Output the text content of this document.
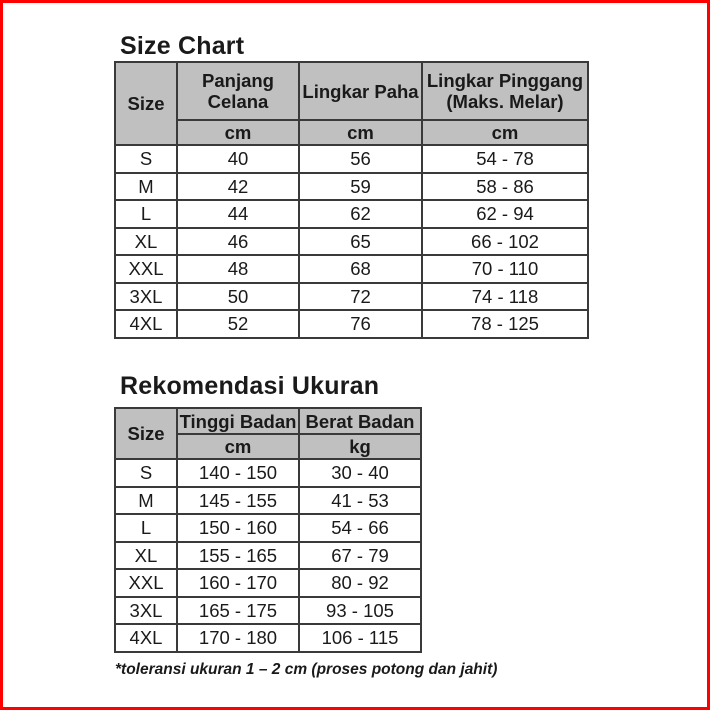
Size Chart
Size	Panjang Celana	Lingkar Paha	Lingkar Pinggang (Maks. Melar)
	cm	cm	cm
S	40	56	54 - 78
M	42	59	58 - 86
L	44	62	62 - 94
XL	46	65	66 - 102
XXL	48	68	70 - 110
3XL	50	72	74 - 118
4XL	52	76	78 - 125
Rekomendasi Ukuran
Size	Tinggi Badan	Berat Badan
	cm	kg
S	140 - 150	30 - 40
M	145 - 155	41 - 53
L	150 - 160	54 - 66
XL	155 - 165	67 - 79
XXL	160 - 170	80 - 92
3XL	165 - 175	93 - 105
4XL	170 - 180	106 - 115
*toleransi ukuran 1 – 2 cm (proses potong dan jahit)
